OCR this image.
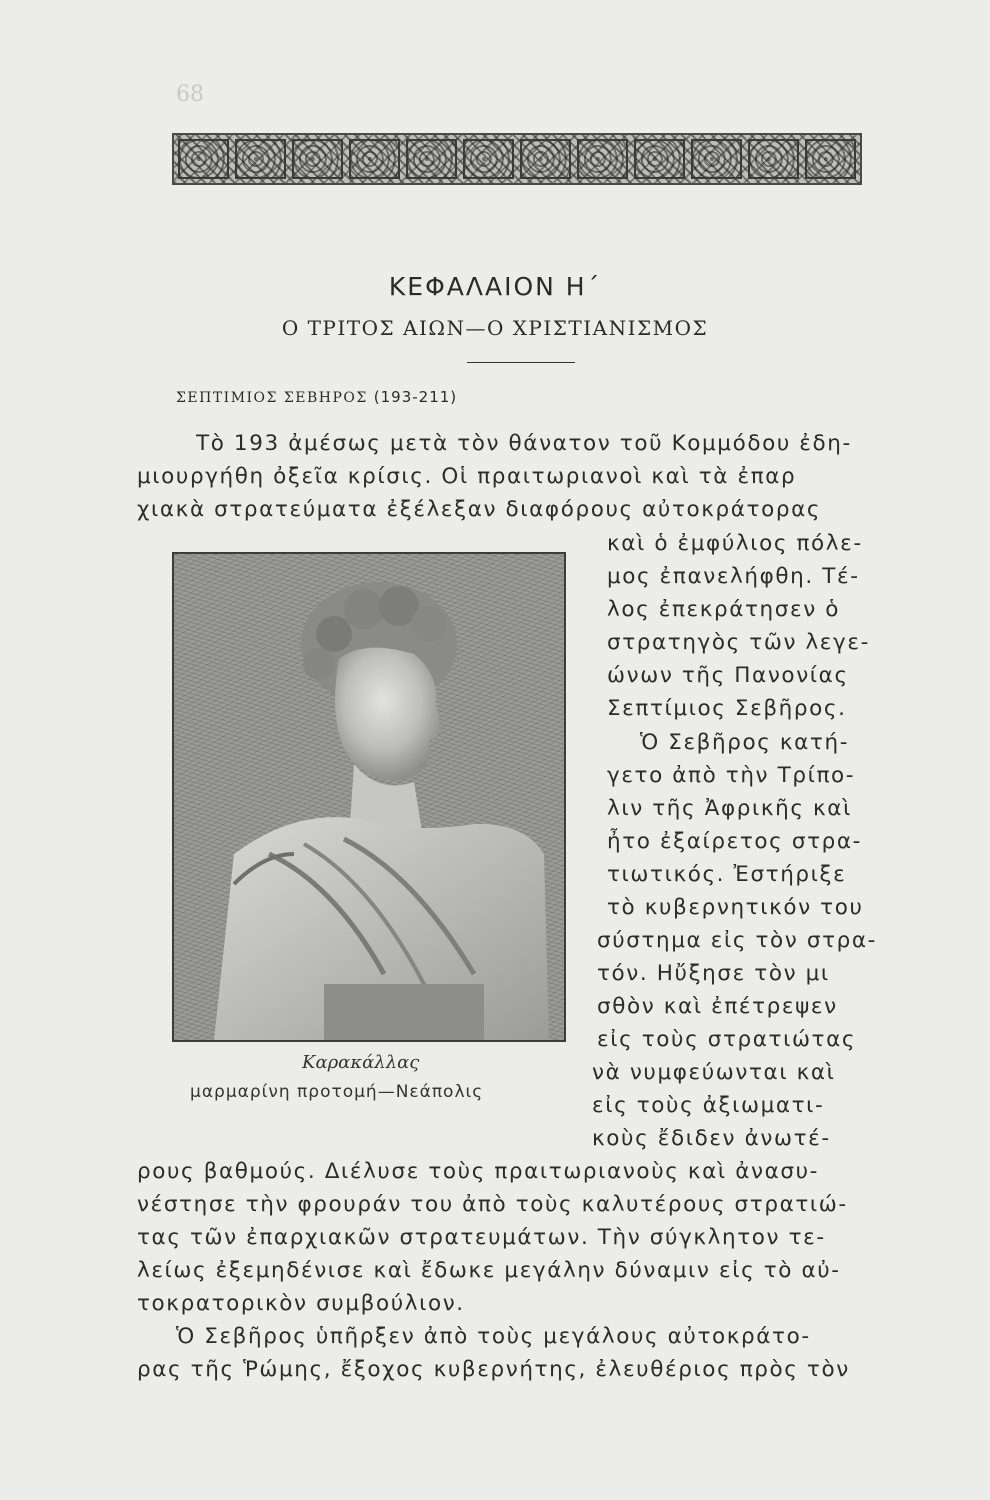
68
ΚΕΦΑΛΑΙΟΝ Η΄
Ο ΤΡΙΤΟΣ ΑΙΩΝ—Ο ΧΡΙΣΤΙΑΝΙΣΜΟΣ
ΣΕΠΤΙΜΙΟΣ ΣΕΒΗΡΟΣ (193-211)
Τὸ 193 ἀμέσως μετὰ τὸν θάνατον τοῦ Κομμόδου ἐδη-
μιουργήθη ὀξεῖα κρίσις. Οἱ πραιτωριανοὶ καὶ τὰ ἐπαρ
χιακὰ στρατεύματα ἐξέλεξαν διαφόρους αὐτοκράτορας
καὶ ὁ ἐμφύλιος πόλε-
μος ἐπανελήφθη. Τέ-
λος ἐπεκράτησεν ὁ
στρατηγὸς τῶν λεγε-
ώνων τῆς Πανονίας
Σεπτίμιος Σεβῆρος.
Ὁ Σεβῆρος κατή-
γετο ἀπὸ τὴν Τρίπο-
λιν τῆς Ἀφρικῆς καὶ
ἦτο ἐξαίρετος στρα-
τιωτικός. Ἐστήριξε
τὸ κυβερνητικόν του
σύστημα εἰς τὸν στρα-
τόν. Ηὔξησε τὸν μι
σθὸν καὶ ἐπέτρεψεν
εἰς τοὺς στρατιώτας
νὰ νυμφεύωνται καὶ
εἰς τοὺς ἀξιωματι-
κοὺς ἔδιδεν ἀνωτέ-
ρους βαθμούς. Διέλυσε τοὺς πραιτωριανοὺς καὶ ἀνασυ-
νέστησε τὴν φρουράν του ἀπὸ τοὺς καλυτέρους στρατιώ-
τας τῶν ἐπαρχιακῶν στρατευμάτων. Τὴν σύγκλητον τε-
λείως ἐξεμηδένισε καὶ ἔδωκε μεγάλην δύναμιν εἰς τὸ αὐ-
τοκρατορικὸν συμβούλιον.
Ὁ Σεβῆρος ὑπῆρξεν ἀπὸ τοὺς μεγάλους αὐτοκράτο-
ρας τῆς Ῥώμης, ἔξοχος κυβερνήτης, ἐλευθέριος πρὸς τὸν
Καρακάλλας
μαρμαρίνη προτομή—Νεάπολις
